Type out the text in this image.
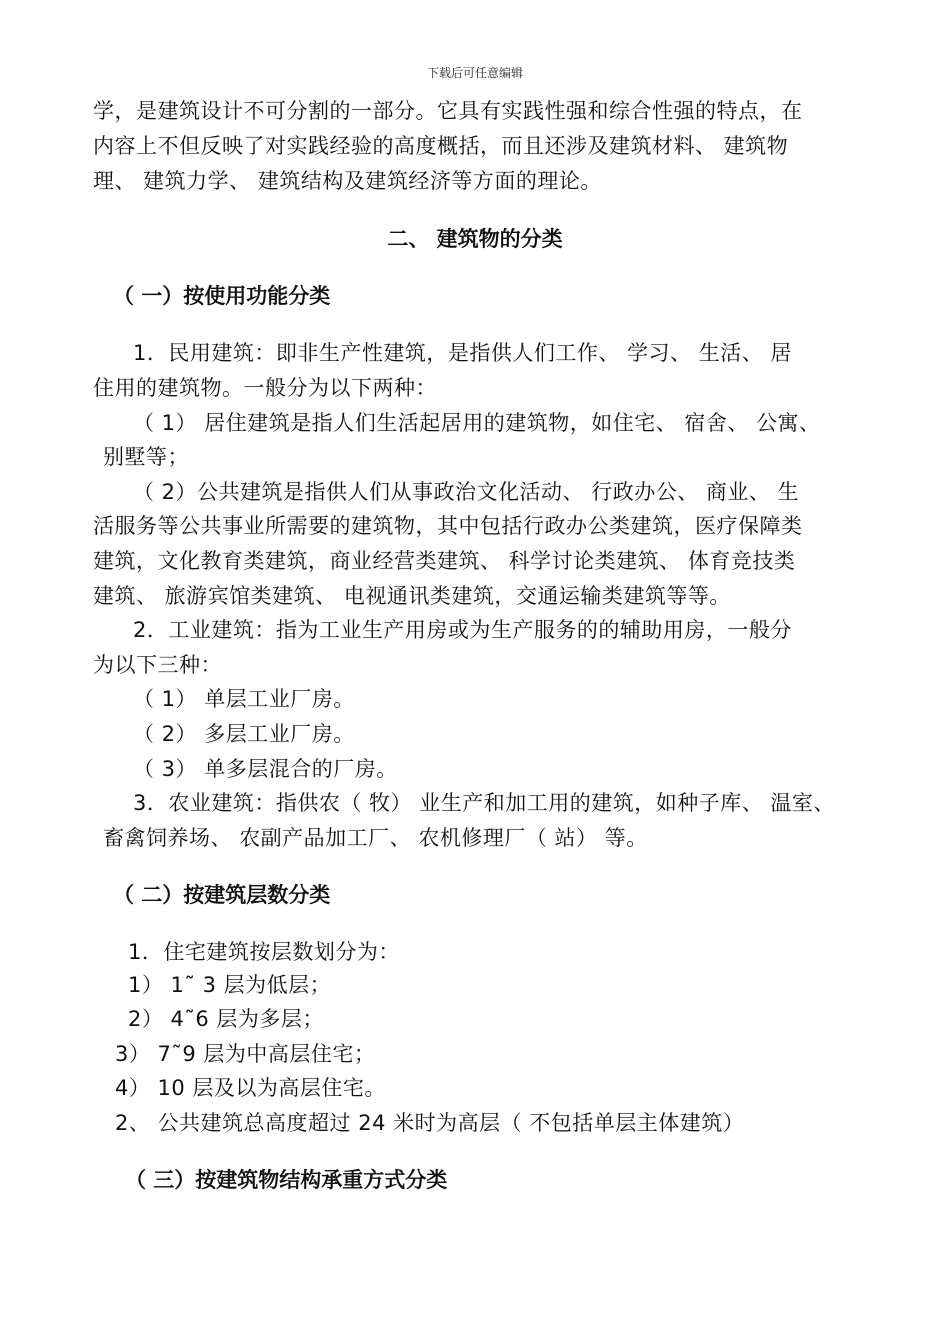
下载后可任意编辑
学，是建筑设计不可分割的一部分。它具有实践性强和综合性强的特点，在
内容上不但反映了对实践经验的高度概括，而且还涉及建筑材料、 建筑物
理、 建筑力学、 建筑结构及建筑经济等方面的理论。
二、 建筑物的分类
（ 一）按使用功能分类
1．民用建筑：即非生产性建筑，是指供人们工作、 学习、 生活、 居
住用的建筑物。一般分为以下两种：
（ 1） 居住建筑是指人们生活起居用的建筑物，如住宅、 宿舍、 公寓、
别墅等；
（ 2）公共建筑是指供人们从事政治文化活动、 行政办公、 商业、 生
活服务等公共事业所需要的建筑物，其中包括行政办公类建筑，医疗保障类
建筑，文化教育类建筑，商业经营类建筑、 科学讨论类建筑、 体育竞技类
建筑、 旅游宾馆类建筑、 电视通讯类建筑，交通运输类建筑等等。
2．工业建筑：指为工业生产用房或为生产服务的的辅助用房，一般分
为以下三种：
（ 1） 单层工业厂房。
（ 2） 多层工业厂房。
（ 3） 单多层混合的厂房。
3．农业建筑：指供农（ 牧） 业生产和加工用的建筑，如种子库、 温室、
畜禽饲养场、 农副产品加工厂、 农机修理厂（ 站） 等。
（ 二）按建筑层数分类
1．住宅建筑按层数划分为：
1） 1˜ 3 层为低层；
2） 4˜6 层为多层；
3） 7˜9 层为中高层住宅；
4） 10 层及以为高层住宅。
2、 公共建筑总高度超过 24 米时为高层（ 不包括单层主体建筑）
（ 三）按建筑物结构承重方式分类
